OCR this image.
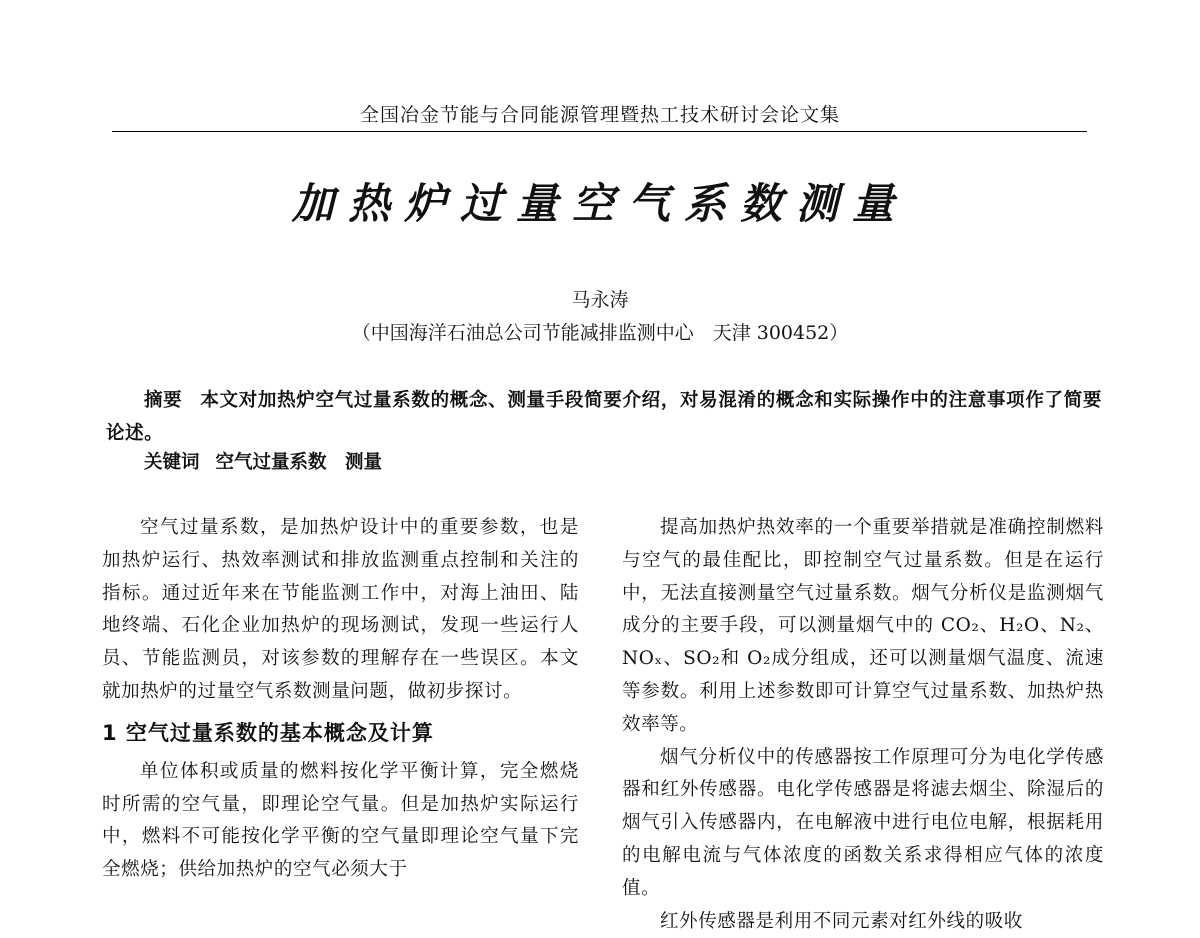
全国冶金节能与合同能源管理暨热工技术研讨会论文集
加热炉过量空气系数测量
马永涛
（中国海洋石油总公司节能减排监测中心　天津 300452）
摘要 本文对加热炉空气过量系数的概念、测量手段简要介绍，对易混淆的概念和实际操作中的注意事项作了简要论述。
关键词 空气过量系数　测量

空气过量系数，是加热炉设计中的重要参数，也是加热炉运行、热效率测试和排放监测重点控制和关注的指标。通过近年来在节能监测工作中，对海上油田、陆地终端、石化企业加热炉的现场测试，发现一些运行人员、节能监测员，对该参数的理解存在一些误区。本文就加热炉的过量空气系数测量问题，做初步探讨。

1 空气过量系数的基本概念及计算

单位体积或质量的燃料按化学平衡计算，完全燃烧时所需的空气量，即理论空气量。但是加热炉实际运行中，燃料不可能按化学平衡的空气量即理论空气量下完全燃烧；供给加热炉的空气必须大于

提高加热炉热效率的一个重要举措就是准确控制燃料与空气的最佳配比，即控制空气过量系数。但是在运行中，无法直接测量空气过量系数。烟气分析仪是监测烟气成分的主要手段，可以测量烟气中的 CO₂、H₂O、N₂、NOₓ、SO₂和 O₂成分组成，还可以测量烟气温度、流速等参数。利用上述参数即可计算空气过量系数、加热炉热效率等。

烟气分析仪中的传感器按工作原理可分为电化学传感器和红外传感器。电化学传感器是将滤去烟尘、除湿后的烟气引入传感器内，在电解液中进行电位电解，根据耗用的电解电流与气体浓度的函数关系求得相应气体的浓度值。

红外传感器是利用不同元素对红外线的吸收
